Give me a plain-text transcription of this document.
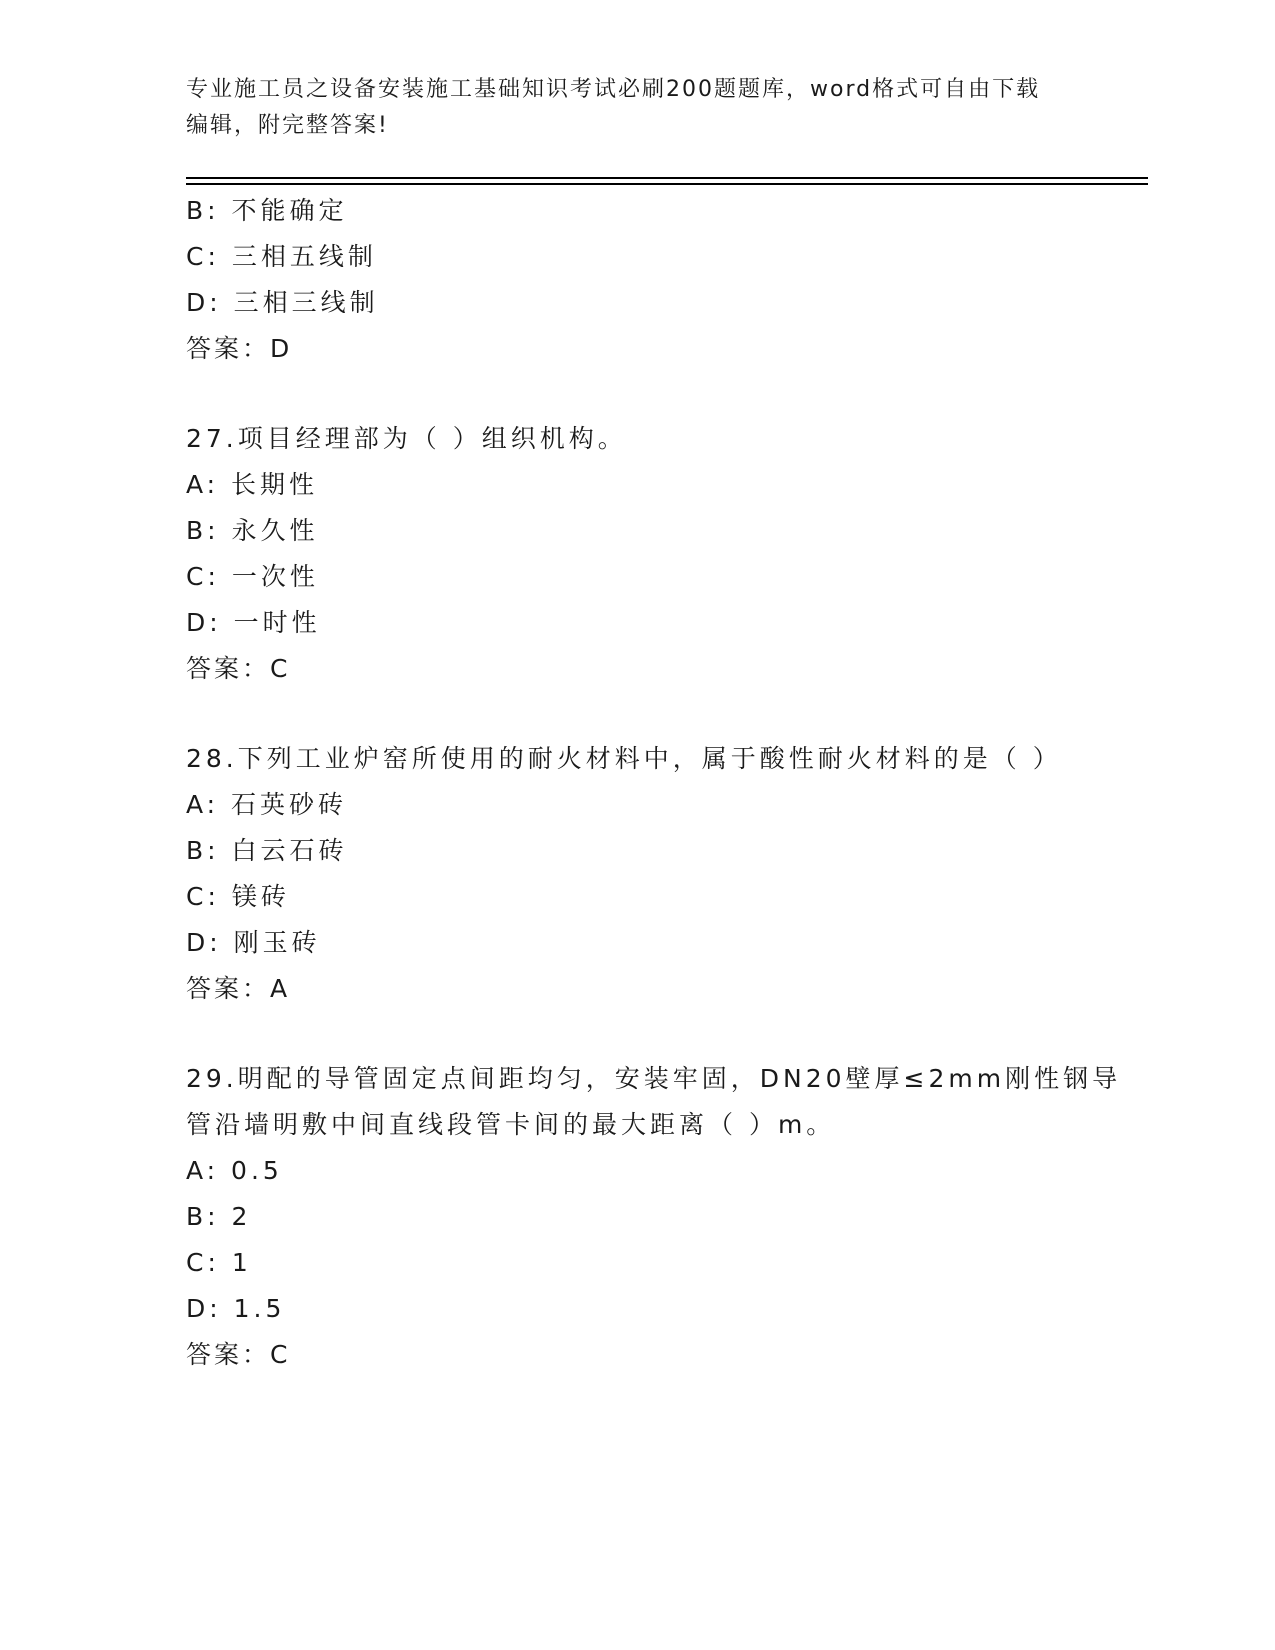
专业施工员之设备安装施工基础知识考试必刷200题题库，word格式可自由下载
编辑，附完整答案!
B: 不能确定
C: 三相五线制
D: 三相三线制
答案：D
27.项目经理部为（ ）组织机构。
A: 长期性
B: 永久性
C: 一次性
D: 一时性
答案：C
28.下列工业炉窑所使用的耐火材料中，属于酸性耐火材料的是（ ）
A: 石英砂砖
B: 白云石砖
C: 镁砖
D: 刚玉砖
答案：A
29.明配的导管固定点间距均匀，安装牢固，DN20壁厚≤2mm刚性钢导
管沿墙明敷中间直线段管卡间的最大距离（ ）m。
A: 0.5
B: 2
C: 1
D: 1.5
答案：C
